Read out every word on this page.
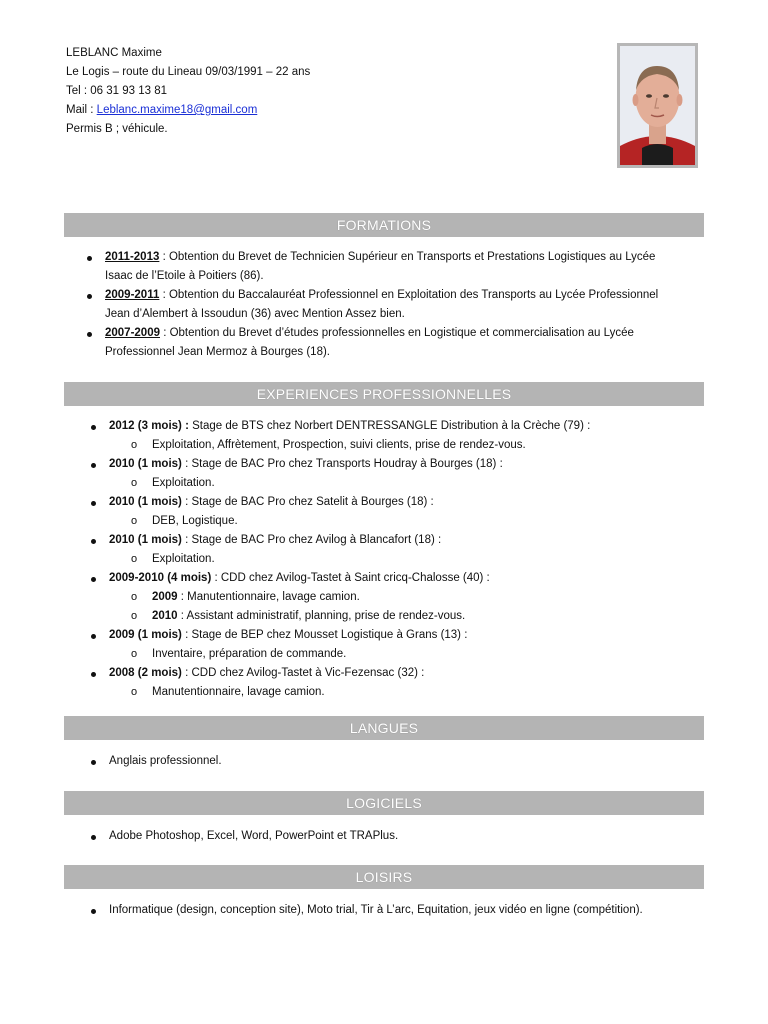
LEBLANC Maxime
Le Logis – route du Lineau 09/03/1991 – 22 ans
Tel : 06 31 93 13 81
Mail : Leblanc.maxime18@gmail.com
Permis B ; véhicule.
FORMATIONS
2011-2013 : Obtention du Brevet de Technicien Supérieur en Transports et Prestations Logistiques au Lycée
Isaac de l’Etoile à Poitiers (86).
2009-2011 : Obtention du Baccalauréat Professionnel en Exploitation des Transports au Lycée Professionnel
Jean d’Alembert à Issoudun (36) avec Mention Assez bien.
2007-2009 : Obtention du Brevet d’études professionnelles en Logistique et commercialisation au Lycée
Professionnel Jean Mermoz à Bourges (18).
EXPERIENCES PROFESSIONNELLES
2012 (3 mois) : Stage de BTS chez Norbert DENTRESSANGLE Distribution à la Crèche (79) :
o Exploitation, Affrètement, Prospection, suivi clients, prise de rendez-vous.
2010 (1 mois) : Stage de BAC Pro chez Transports Houdray à Bourges (18) :
o Exploitation.
2010 (1 mois) : Stage de BAC Pro chez Satelit à Bourges (18) :
o DEB, Logistique.
2010 (1 mois) : Stage de BAC Pro chez Avilog à Blancafort (18) :
o Exploitation.
2009-2010 (4 mois) : CDD chez Avilog-Tastet à Saint cricq-Chalosse (40) :
o 2009 : Manutentionnaire, lavage camion.
o 2010 : Assistant administratif, planning, prise de rendez-vous.
2009 (1 mois) : Stage de BEP chez Mousset Logistique à Grans (13) :
o Inventaire, préparation de commande.
2008 (2 mois) : CDD chez Avilog-Tastet à Vic-Fezensac (32) :
o Manutentionnaire, lavage camion.
LANGUES
Anglais professionnel.
LOGICIELS
Adobe Photoshop, Excel, Word, PowerPoint et TRAPlus.
LOISIRS
Informatique (design, conception site), Moto trial, Tir à L’arc, Equitation, jeux vidéo en ligne (compétition).
